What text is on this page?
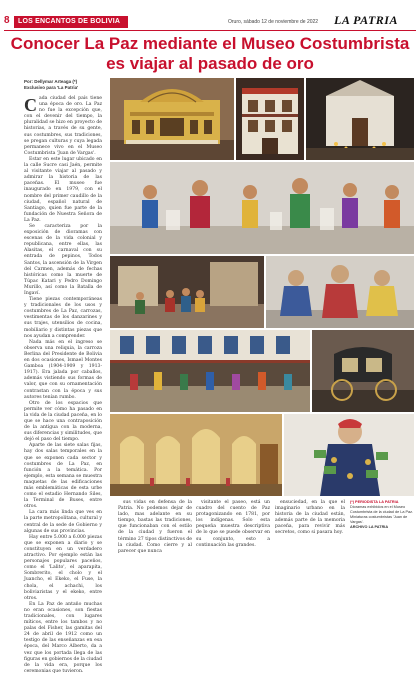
8	LOS ENCANTOS DE BOLIVIA	Oruro, sábado 12 de noviembre de 2022 LA PATRIA
Conocer La Paz mediante el Museo Costumbrista es viajar al pasado de oro
Por: Dellymar Arteaga (*)
Exclusivo para 'La Patria'

Cada ciudad del país tiene una época de oro. La Paz no fue la excepción que, con el devenir del tiempo, la pluralidad se hizo en proyecto de historias, a través de su gente, sus costumbres, sus tradiciones, se pregan culturas y cuya legada permanece vivo en el Museo Costumbrista 'Juan de Vargas'.

Estar en este lugar ubicado en la calle Sucre casi Jaén, permite al visitante viajar al pasado y admirar la historia de las paceñas. El museo fue inaugurado en 1979, con el nombre del primer caudillo de la ciudad, español natural de Santiago, quien fue parte de la fundación de Nuestra Señora de La Paz.

Se caracteriza por la exposición de dioramas con escenas de la vida colonial y republicana, entre ellas, las Alasitas, el carnaval con su entrada de pepinos, Todos Santos, la ascensión de la Virgen del Carmen, además de fechas históricas como la muerte de Túpac Katari y Pedro Domingo Murillo, así como la Batalla de Ingaví.

Tiene piezas contemporáneas y tradicionales de los usos y costumbres de La Paz, carrozas, vestimentas de los danzarines y sus trajes, utensilios de cocina, mobiliario y distintas piezas que nos ayudan a comprender.

Nada más en el ingreso se observa una reliquia, la carroza Berlina del Presidente de Bolivia en dos ocasiones, Ismael Montes Gamboa (1904-1909 y 1913-1917). Era jalada por caballos, además vistiendo sus formas de valor, que con su ornamentación contrastan con la época y sus autores tenían rumbo.

Otro de los espacios que permite ver cómo ha pasado en la vida de la ciudad paceña, en lo que se hace una contraposición de la antigua con la moderna, sus diferencias y similitudes, que dejó el paso del tiempo.

Aparte de las siete salas fijas, hay dos salas temporales en la que se exponen cada sector y costumbres de La Paz, en función a la temática. Por ejemplo, esta semana se muestra maquetas de las edificaciones más emblemáticas de esta urbe como el estadio Hernando Siles, la Terminal de Buses, entre otros.

La cara más linda que ves en la parte metropolitana, cultural y central de la sede de Gobierno y algunas de sus provincias.

Hay entre 5.000 a 6.000 piezas que se exponen a diario y se constituyen en un verdadero atractivo. Por ejemplo están las personajes populares paceños, como el 'Lalito', el aparapita, Sombrerito, el cholo y el Juancho, el Ekeko, el Fuse, la chola, el achachi, los boliviaristas y el ekeko, entre otros.

En La Paz de antaño muchas no eran ocasiones, son fiestas tradicionales, con lugares míticos, entre los tambos y no palas del Fisher, las gamitas del 24 de abril de 1912 como un testigo de las enseñanzas en esa época, del Marco Alberto, da a vez que los portada llega de las figuras en gobiernos de la ciudad de la vida era, porque los ceremonias que tuvieron.

sus vidas en defensa de la Patria. No podemos dejar de lado, mas adelante en su tiempo, bastas las tradiciones, que funcionaban con el estilo de la ciudad y fueron el término 27 tipos distinctivos de la ciudad. Como cierre y al parecer que nunca

visitante el paseo, está un cuadro del cuento de Paz protagonizando en 1781, por los indígenas. Solo esta pequeña muestra descriptiva de lo que se puede observar en su conjunto, esto a continuación las grandes.

ensuciedad, en la que el imaginario urbano en la historia de la ciudad están, además parte de la memoria paceña, para revivir más secretos, como si pasara hoy.

(*) PERIODISTA LA PATRIA
Dioramas exhibidos en el Museo Costumbrista de la ciudad de La Paz. Miniaturas costumbristas 'Juan de Vargas'.
ARCHIVO LA PATRIA
